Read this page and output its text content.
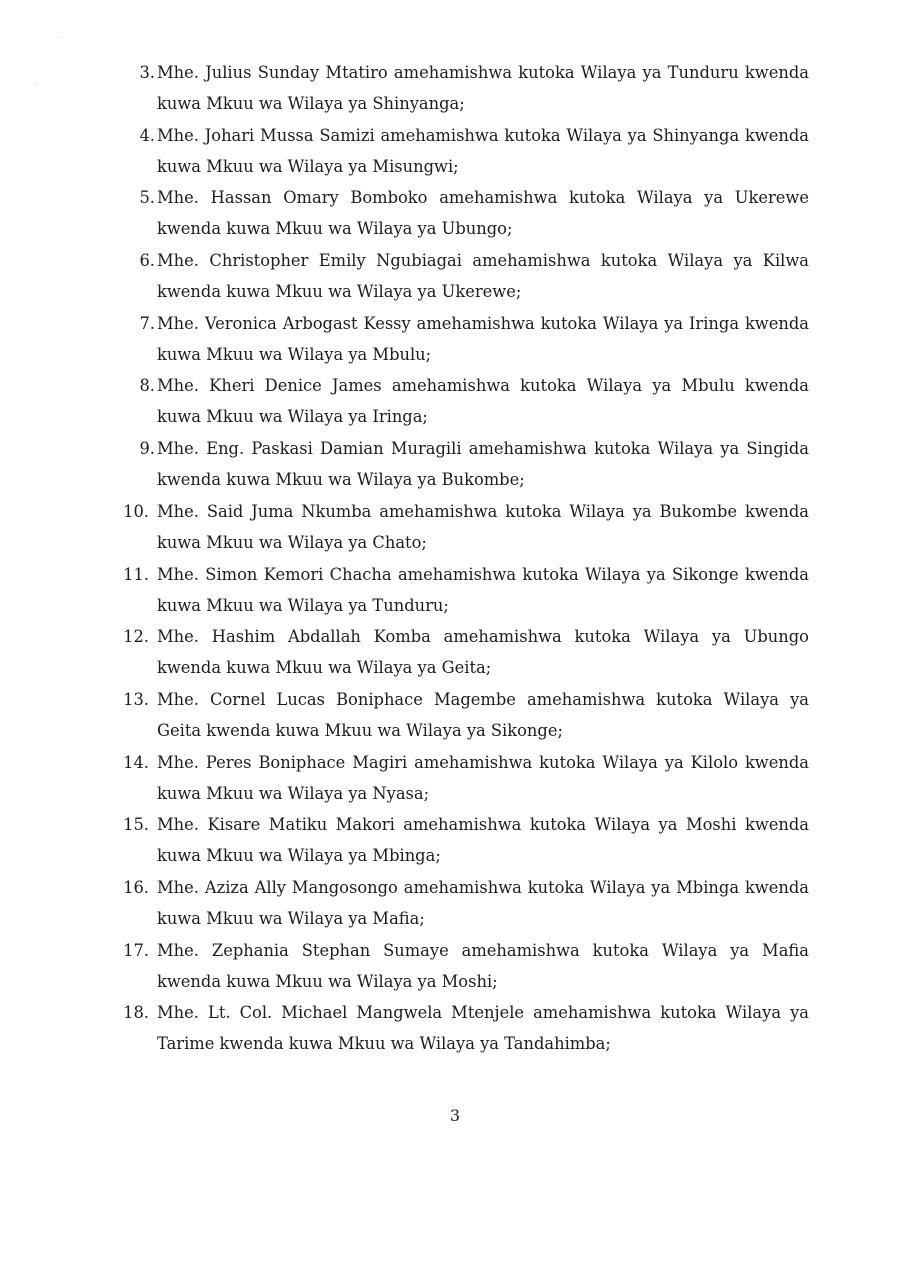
`
`
3. Mhe. Julius Sunday Mtatiro amehamishwa kutoka Wilaya ya Tunduru kwenda kuwa Mkuu wa Wilaya ya Shinyanga;
4. Mhe. Johari Mussa Samizi amehamishwa kutoka Wilaya ya Shinyanga kwenda kuwa Mkuu wa Wilaya ya Misungwi;
5. Mhe. Hassan Omary Bomboko amehamishwa kutoka Wilaya ya Ukerewe kwenda kuwa Mkuu wa Wilaya ya Ubungo;
6. Mhe. Christopher Emily Ngubiagai amehamishwa kutoka Wilaya ya Kilwa kwenda kuwa Mkuu wa Wilaya ya Ukerewe;
7. Mhe. Veronica Arbogast Kessy amehamishwa kutoka Wilaya ya Iringa kwenda kuwa Mkuu wa Wilaya ya Mbulu;
8. Mhe. Kheri Denice James amehamishwa kutoka Wilaya ya Mbulu kwenda kuwa Mkuu wa Wilaya ya Iringa;
9. Mhe. Eng. Paskasi Damian Muragili amehamishwa kutoka Wilaya ya Singida kwenda kuwa Mkuu wa Wilaya ya Bukombe;
10. Mhe. Said Juma Nkumba amehamishwa kutoka Wilaya ya Bukombe kwenda kuwa Mkuu wa Wilaya ya Chato;
11. Mhe. Simon Kemori Chacha amehamishwa kutoka Wilaya ya Sikonge kwenda kuwa Mkuu wa Wilaya ya Tunduru;
12. Mhe. Hashim Abdallah Komba amehamishwa kutoka Wilaya ya Ubungo kwenda kuwa Mkuu wa Wilaya ya Geita;
13. Mhe. Cornel Lucas Boniphace Magembe amehamishwa kutoka Wilaya ya Geita kwenda kuwa Mkuu wa Wilaya ya Sikonge;
14. Mhe. Peres Boniphace Magiri amehamishwa kutoka Wilaya ya Kilolo kwenda kuwa Mkuu wa Wilaya ya Nyasa;
15. Mhe. Kisare Matiku Makori amehamishwa kutoka Wilaya ya Moshi kwenda kuwa Mkuu wa Wilaya ya Mbinga;
16. Mhe. Aziza Ally Mangosongo amehamishwa kutoka Wilaya ya Mbinga kwenda kuwa Mkuu wa Wilaya ya Mafia;
17. Mhe. Zephania Stephan Sumaye amehamishwa kutoka Wilaya ya Mafia kwenda kuwa Mkuu wa Wilaya ya Moshi;
18. Mhe. Lt. Col. Michael Mangwela Mtenjele amehamishwa kutoka Wilaya ya Tarime kwenda kuwa Mkuu wa Wilaya ya Tandahimba;
3
